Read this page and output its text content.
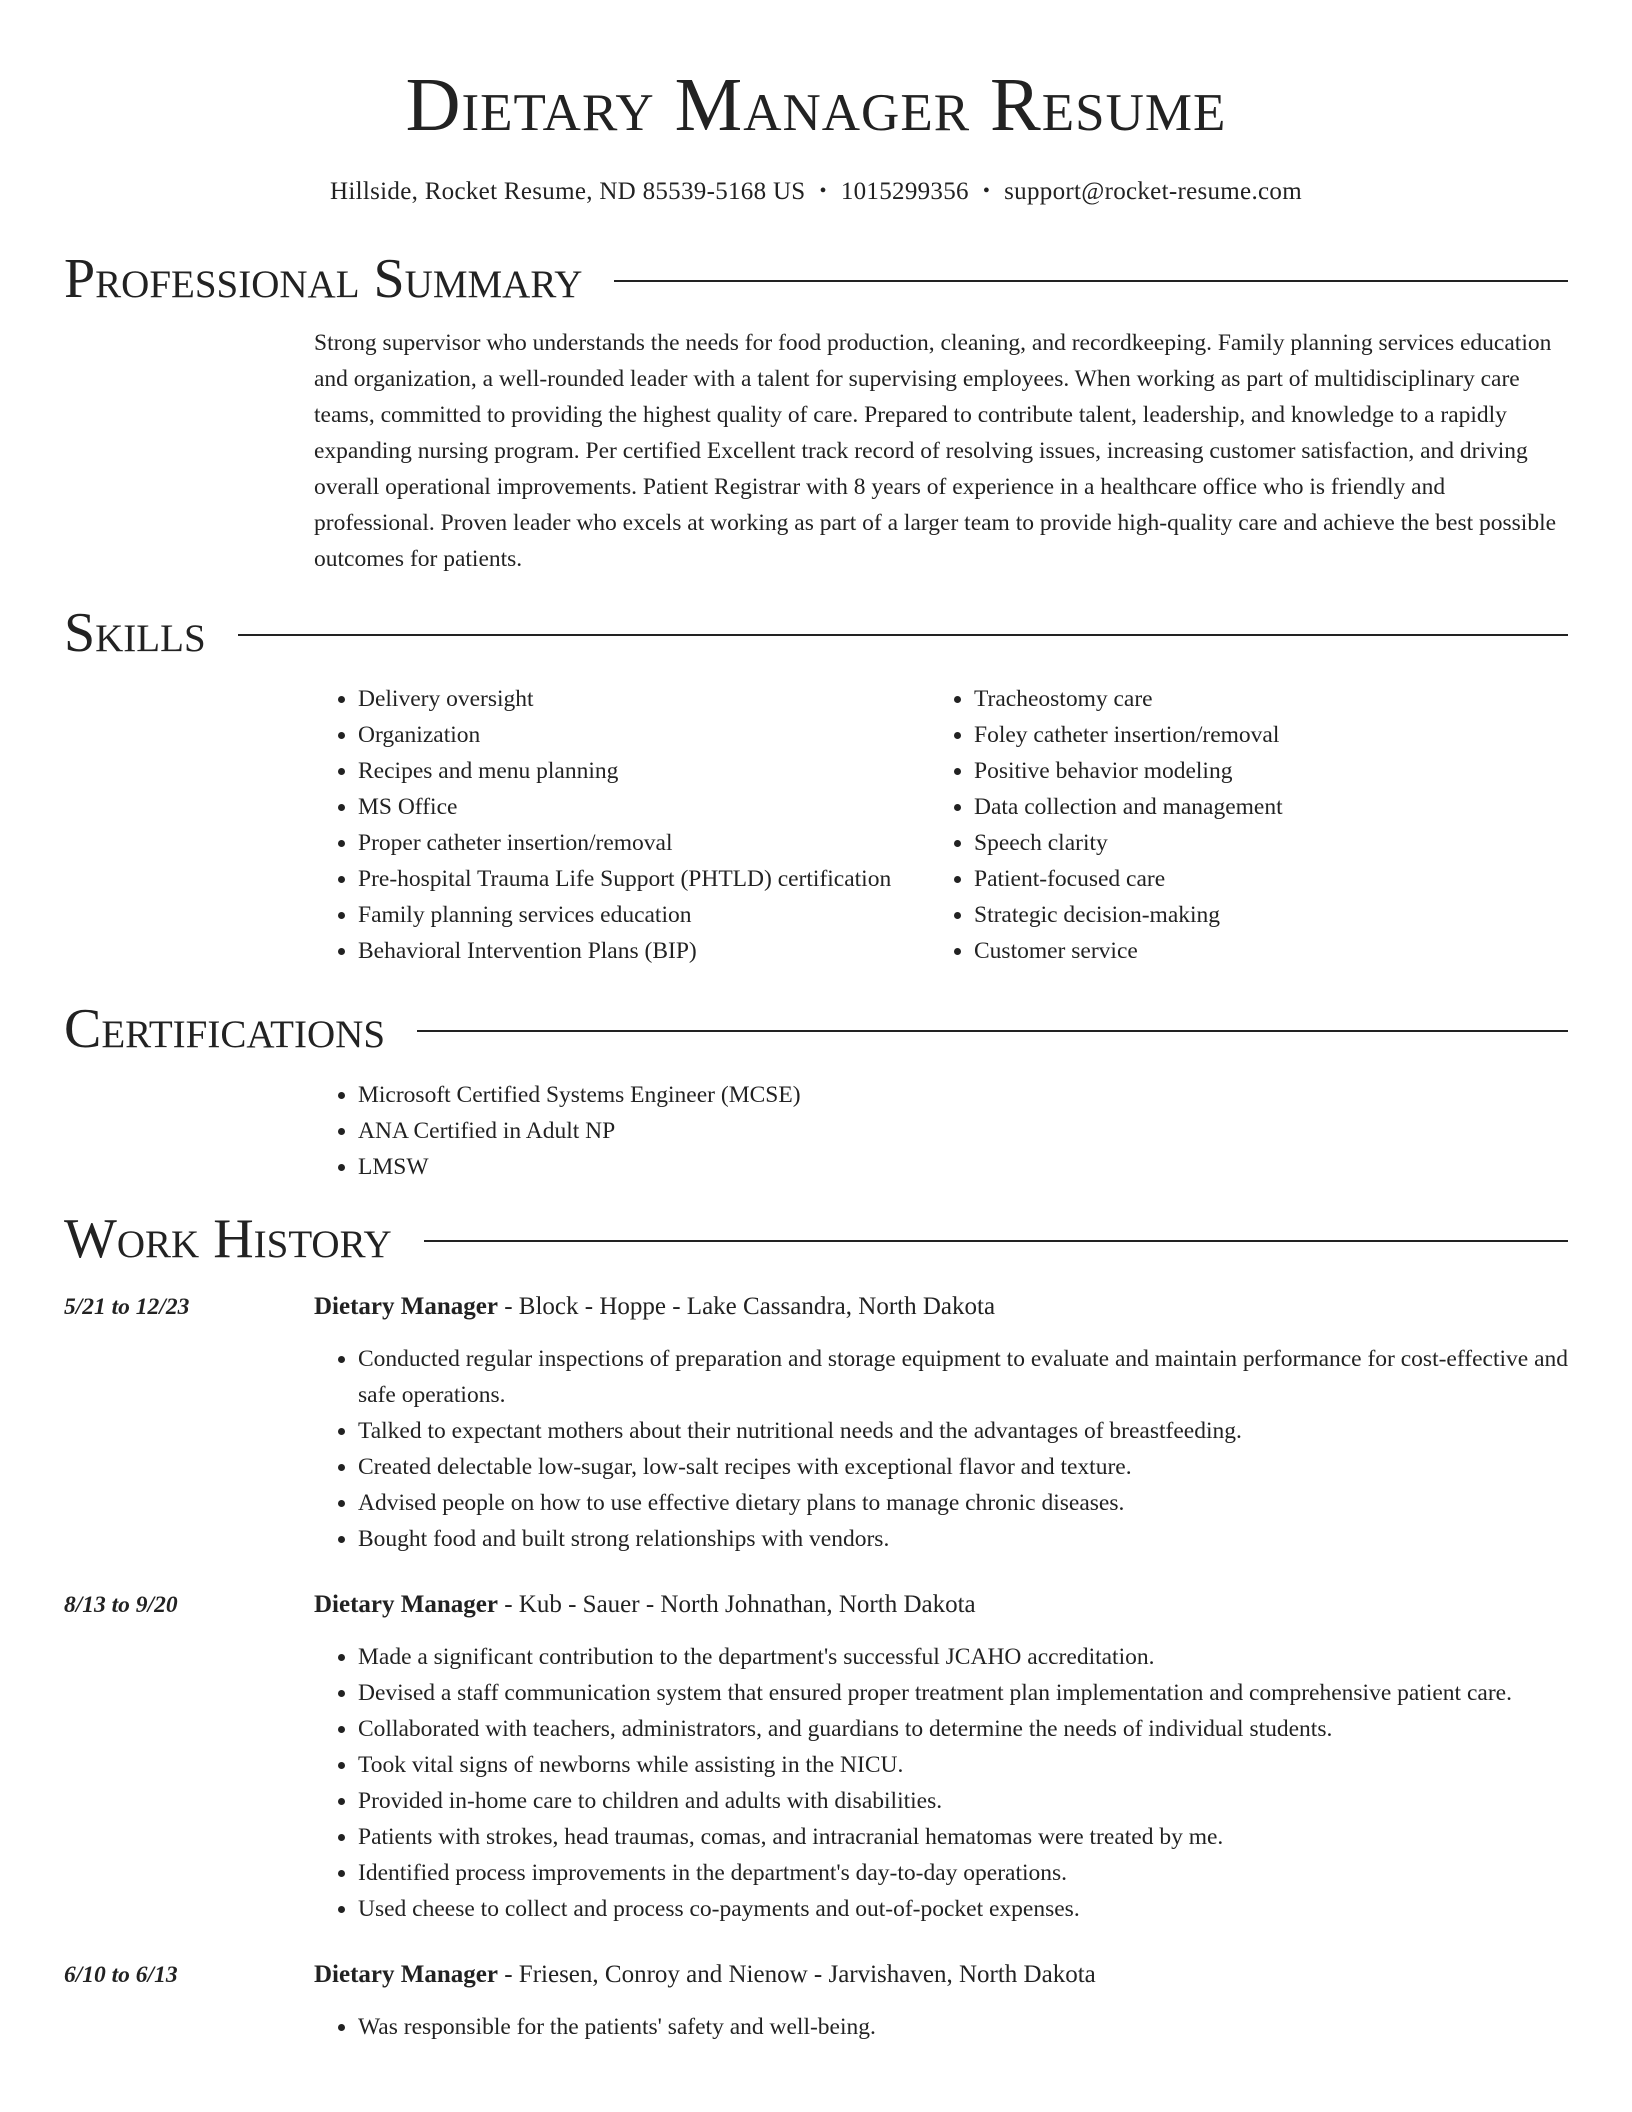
Dietary Manager Resume
Hillside, Rocket Resume, ND 85539-5168 US • 1015299356 • support@rocket-resume.com
Professional Summary

Strong supervisor who understands the needs for food production, cleaning, and recordkeeping. Family planning services education and organization, a well-rounded leader with a talent for supervising employees. When working as part of multidisciplinary care teams, committed to providing the highest quality of care. Prepared to contribute talent, leadership, and knowledge to a rapidly expanding nursing program. Per certified Excellent track record of resolving issues, increasing customer satisfaction, and driving overall operational improvements. Patient Registrar with 8 years of experience in a healthcare office who is friendly and professional. Proven leader who excels at working as part of a larger team to provide high-quality care and achieve the best possible outcomes for patients.

Skills
• Delivery oversight
• Organization
• Recipes and menu planning
• MS Office
• Proper catheter insertion/removal
• Pre-hospital Trauma Life Support (PHTLD) certification
• Family planning services education
• Behavioral Intervention Plans (BIP)
• Tracheostomy care
• Foley catheter insertion/removal
• Positive behavior modeling
• Data collection and management
• Speech clarity
• Patient-focused care
• Strategic decision-making
• Customer service
Certifications
• Microsoft Certified Systems Engineer (MCSE)
• ANA Certified in Adult NP
• LMSW
Work History
5/21 to 12/23	Dietary Manager - Block - Hoppe - Lake Cassandra, North Dakota

• Conducted regular inspections of preparation and storage equipment to evaluate and maintain performance for cost-effective and safe operations.
• Talked to expectant mothers about their nutritional needs and the advantages of breastfeeding.
• Created delectable low-sugar, low-salt recipes with exceptional flavor and texture.
• Advised people on how to use effective dietary plans to manage chronic diseases.
• Bought food and built strong relationships with vendors.
8/13 to 9/20	Dietary Manager - Kub - Sauer - North Johnathan, North Dakota

• Made a significant contribution to the department's successful JCAHO accreditation.
• Devised a staff communication system that ensured proper treatment plan implementation and comprehensive patient care.
• Collaborated with teachers, administrators, and guardians to determine the needs of individual students.
• Took vital signs of newborns while assisting in the NICU.
• Provided in-home care to children and adults with disabilities.
• Patients with strokes, head traumas, comas, and intracranial hematomas were treated by me.
• Identified process improvements in the department's day-to-day operations.
• Used cheese to collect and process co-payments and out-of-pocket expenses.
6/10 to 6/13	Dietary Manager - Friesen, Conroy and Nienow - Jarvishaven, North Dakota

• Was responsible for the patients' safety and well-being.
